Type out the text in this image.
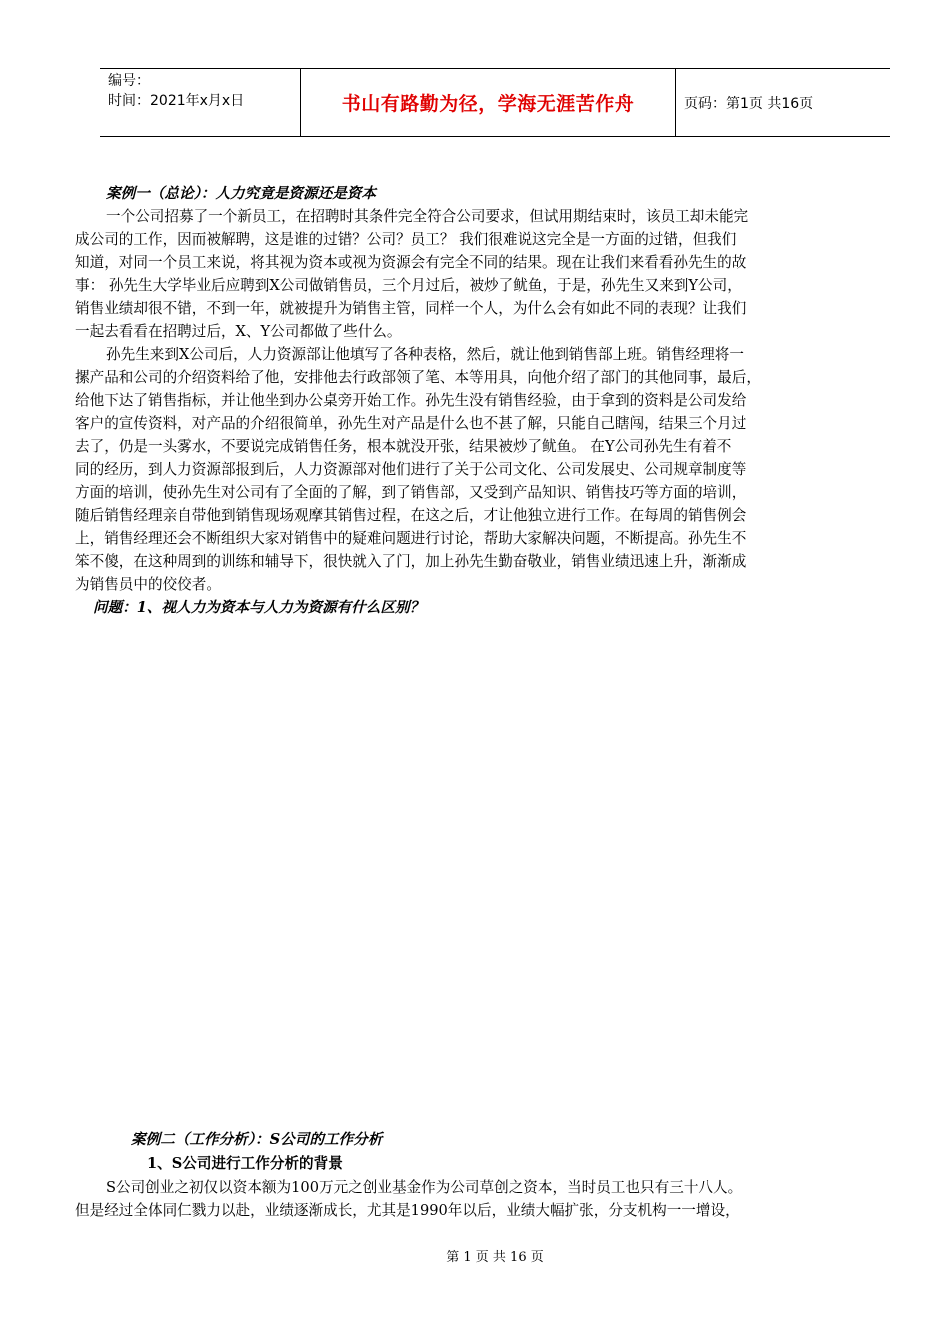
编号：
时间：2021年x月x日	书山有路勤为径，学海无涯苦作舟	页码：第1页 共16页
案例一（总论）：人力究竟是资源还是资本
一个公司招募了一个新员工，在招聘时其条件完全符合公司要求，但试用期结束时，该员工却未能完
成公司的工作，因而被解聘，这是谁的过错？公司？员工？ 我们很难说这完全是一方面的过错，但我们
知道，对同一个员工来说，将其视为资本或视为资源会有完全不同的结果。现在让我们来看看孙先生的故
事： 孙先生大学毕业后应聘到X公司做销售员，三个月过后，被炒了鱿鱼，于是，孙先生又来到Y公司，
销售业绩却很不错，不到一年，就被提升为销售主管，同样一个人，为什么会有如此不同的表现？让我们
一起去看看在招聘过后，X、Y公司都做了些什么。
孙先生来到X公司后，人力资源部让他填写了各种表格，然后，就让他到销售部上班。销售经理将一
摞产品和公司的介绍资料给了他，安排他去行政部领了笔、本等用具，向他介绍了部门的其他同事，最后，
给他下达了销售指标，并让他坐到办公桌旁开始工作。孙先生没有销售经验，由于拿到的资料是公司发给
客户的宣传资料，对产品的介绍很简单，孙先生对产品是什么也不甚了解，只能自己瞎闯，结果三个月过
去了，仍是一头雾水，不要说完成销售任务，根本就没开张，结果被炒了鱿鱼。 在Y公司孙先生有着不
同的经历，到人力资源部报到后，人力资源部对他们进行了关于公司文化、公司发展史、公司规章制度等
方面的培训，使孙先生对公司有了全面的了解，到了销售部，又受到产品知识、销售技巧等方面的培训，
随后销售经理亲自带他到销售现场观摩其销售过程，在这之后，才让他独立进行工作。在每周的销售例会
上，销售经理还会不断组织大家对销售中的疑难问题进行讨论，帮助大家解决问题，不断提高。孙先生不
笨不傻，在这种周到的训练和辅导下，很快就入了门，加上孙先生勤奋敬业，销售业绩迅速上升，渐渐成
为销售员中的佼佼者。
问题：1、视人力为资本与人力为资源有什么区别？
案例二（工作分析）：S公司的工作分析
1、S公司进行工作分析的背景
S公司创业之初仅以资本额为100万元之创业基金作为公司草创之资本，当时员工也只有三十八人。
但是经过全体同仁戮力以赴，业绩逐渐成长，尤其是1990年以后，业绩大幅扩张，分支机构一一增设，
第 1 页 共 16 页
